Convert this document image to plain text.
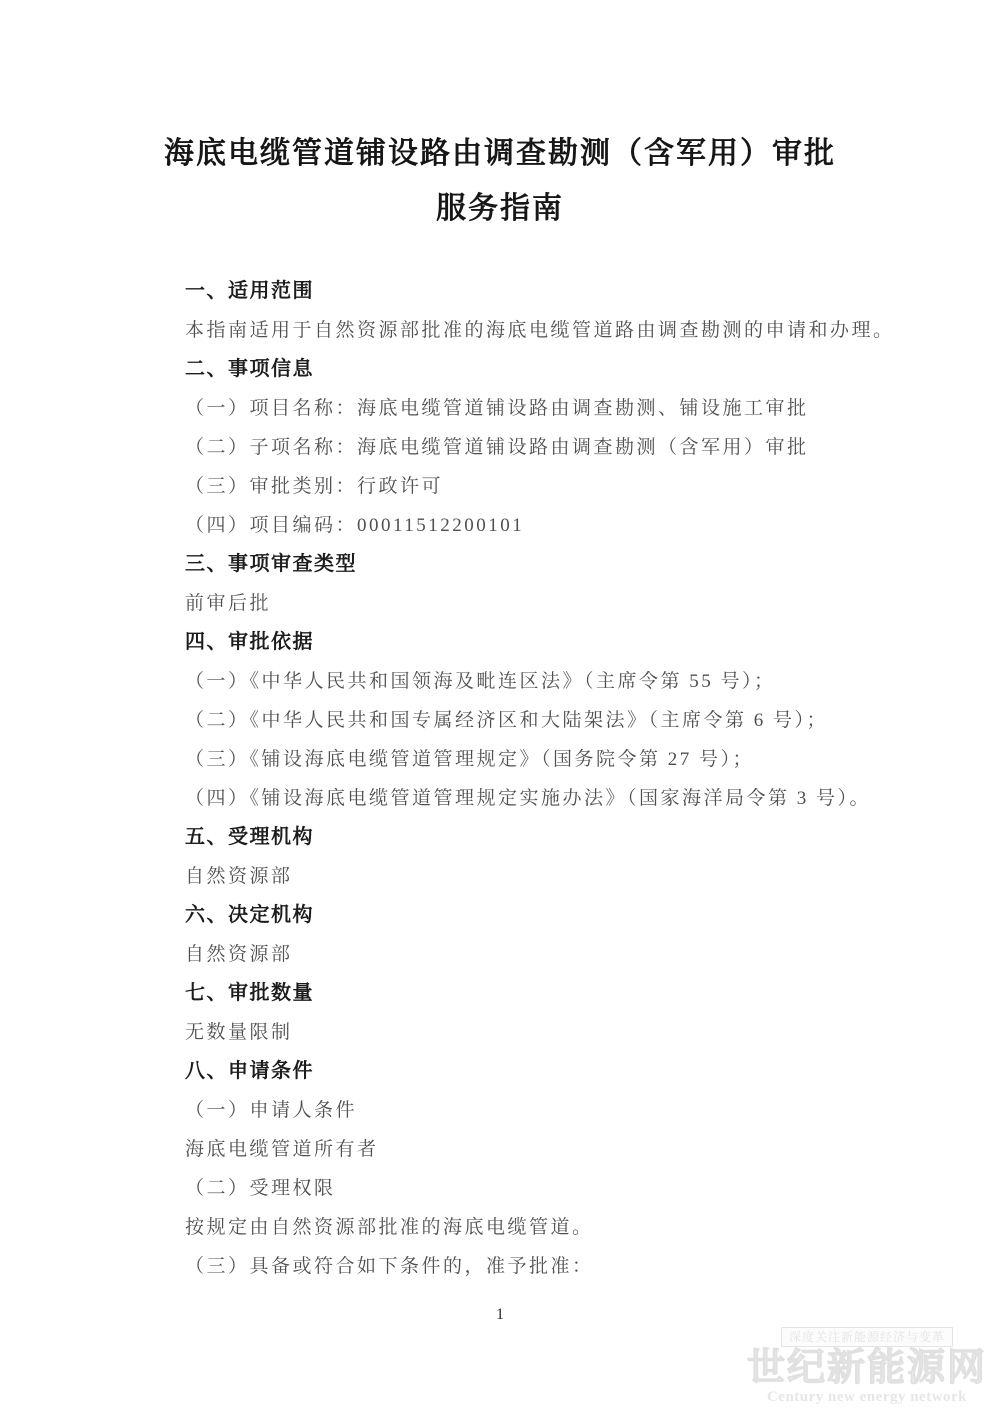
海底电缆管道铺设路由调查勘测（含军用）审批
服务指南
一、适用范围

本指南适用于自然资源部批准的海底电缆管道路由调查勘测的申请和办理。

二、事项信息

（一）项目名称：海底电缆管道铺设路由调查勘测、铺设施工审批

（二）子项名称：海底电缆管道铺设路由调查勘测（含军用）审批

（三）审批类别：行政许可

（四）项目编码：00011512200101

三、事项审查类型

前审后批

四、审批依据

（一）《中华人民共和国领海及毗连区法》（主席令第 55 号）；

（二）《中华人民共和国专属经济区和大陆架法》（主席令第 6 号）；

（三）《铺设海底电缆管道管理规定》（国务院令第 27 号）；

（四）《铺设海底电缆管道管理规定实施办法》（国家海洋局令第 3 号）。

五、受理机构

自然资源部

六、决定机构

自然资源部

七、审批数量

无数量限制

八、申请条件

（一）申请人条件

海底电缆管道所有者

（二）受理权限

按规定由自然资源部批准的海底电缆管道。

（三）具备或符合如下条件的，准予批准：

1
深度关注新能源经济与变革
世纪新能源网
Century new energy network
